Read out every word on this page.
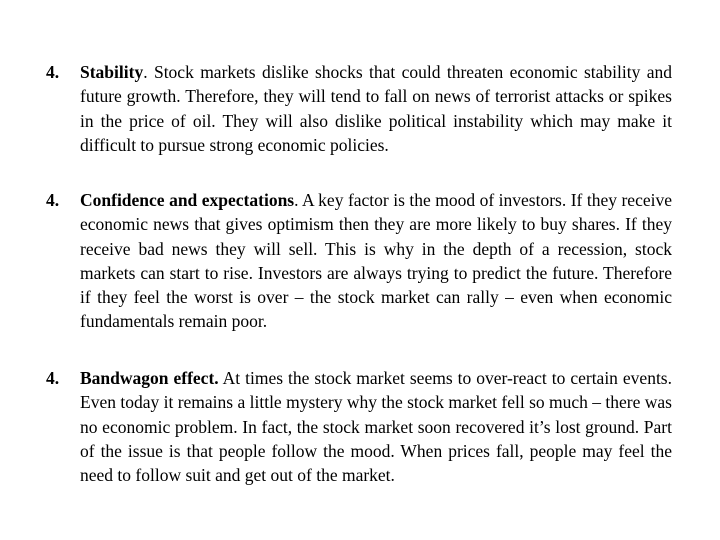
4.	Stability. Stock markets dislike shocks that could threaten economic stability and future growth. Therefore, they will tend to fall on news of terrorist attacks or spikes in the price of oil. They will also dislike political instability which may make it difficult to pursue strong economic policies.
4.	Confidence and expectations. A key factor is the mood of investors. If they receive economic news that gives optimism then they are more likely to buy shares. If they receive bad news they will sell. This is why in the depth of a recession, stock markets can start to rise. Investors are always trying to predict the future. Therefore if they feel the worst is over – the stock market can rally – even when economic fundamentals remain poor.
4.	Bandwagon effect. At times the stock market seems to over-react to certain events. Even today it remains a little mystery why the stock market fell so much – there was no economic problem. In fact, the stock market soon recovered it’s lost ground. Part of the issue is that people follow the mood. When prices fall, people may feel the need to follow suit and get out of the market.
